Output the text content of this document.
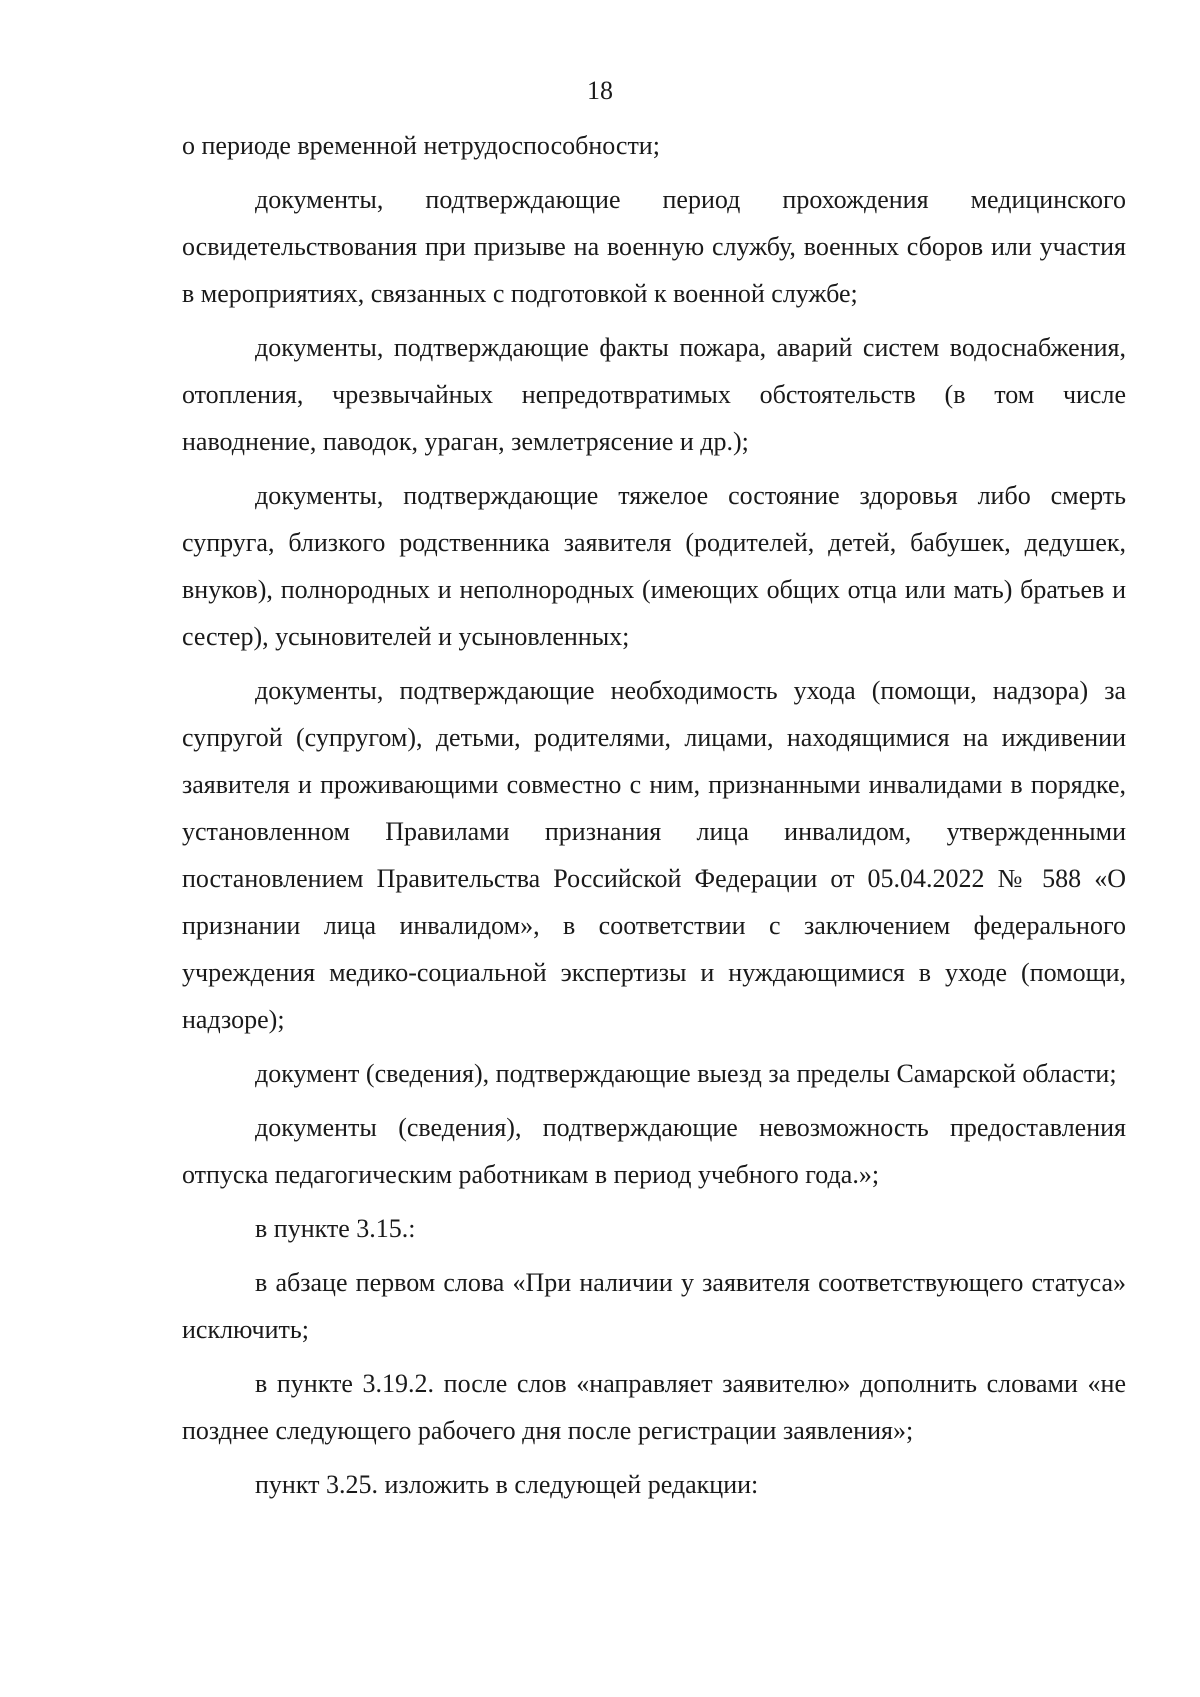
18

о периоде временной нетрудоспособности;

документы, подтверждающие период прохождения медицинского освидетельствования при призыве на военную службу, военных сборов или участия в мероприятиях, связанных с подготовкой к военной службе;

документы, подтверждающие факты пожара, аварий систем водоснабжения, отопления, чрезвычайных непредотвратимых обстоятельств (в том числе наводнение, паводок, ураган, землетрясение и др.);

документы, подтверждающие тяжелое состояние здоровья либо смерть супруга, близкого родственника заявителя (родителей, детей, бабушек, дедушек, внуков), полнородных и неполнородных (имеющих общих отца или мать) братьев и сестер), усыновителей и усыновленных;

документы, подтверждающие необходимость ухода (помощи, надзора) за супругой (супругом), детьми, родителями, лицами, находящимися на иждивении заявителя и проживающими совместно с ним, признанными инвалидами в порядке, установленном Правилами признания лица инвалидом, утвержденными постановлением Правительства Российской Федерации от 05.04.2022 № 588 «О признании лица инвалидом», в соответствии с заключением федерального учреждения медико-социальной экспертизы и нуждающимися в уходе (помощи, надзоре);

документ (сведения), подтверждающие выезд за пределы Самарской области;

документы (сведения), подтверждающие невозможность предоставления отпуска педагогическим работникам в период учебного года.»;

в пункте 3.15.:

в абзаце первом слова «При наличии у заявителя соответствующего статуса» исключить;

в пункте 3.19.2. после слов «направляет заявителю» дополнить словами «не позднее следующего рабочего дня после регистрации заявления»;

пункт 3.25. изложить в следующей редакции:
